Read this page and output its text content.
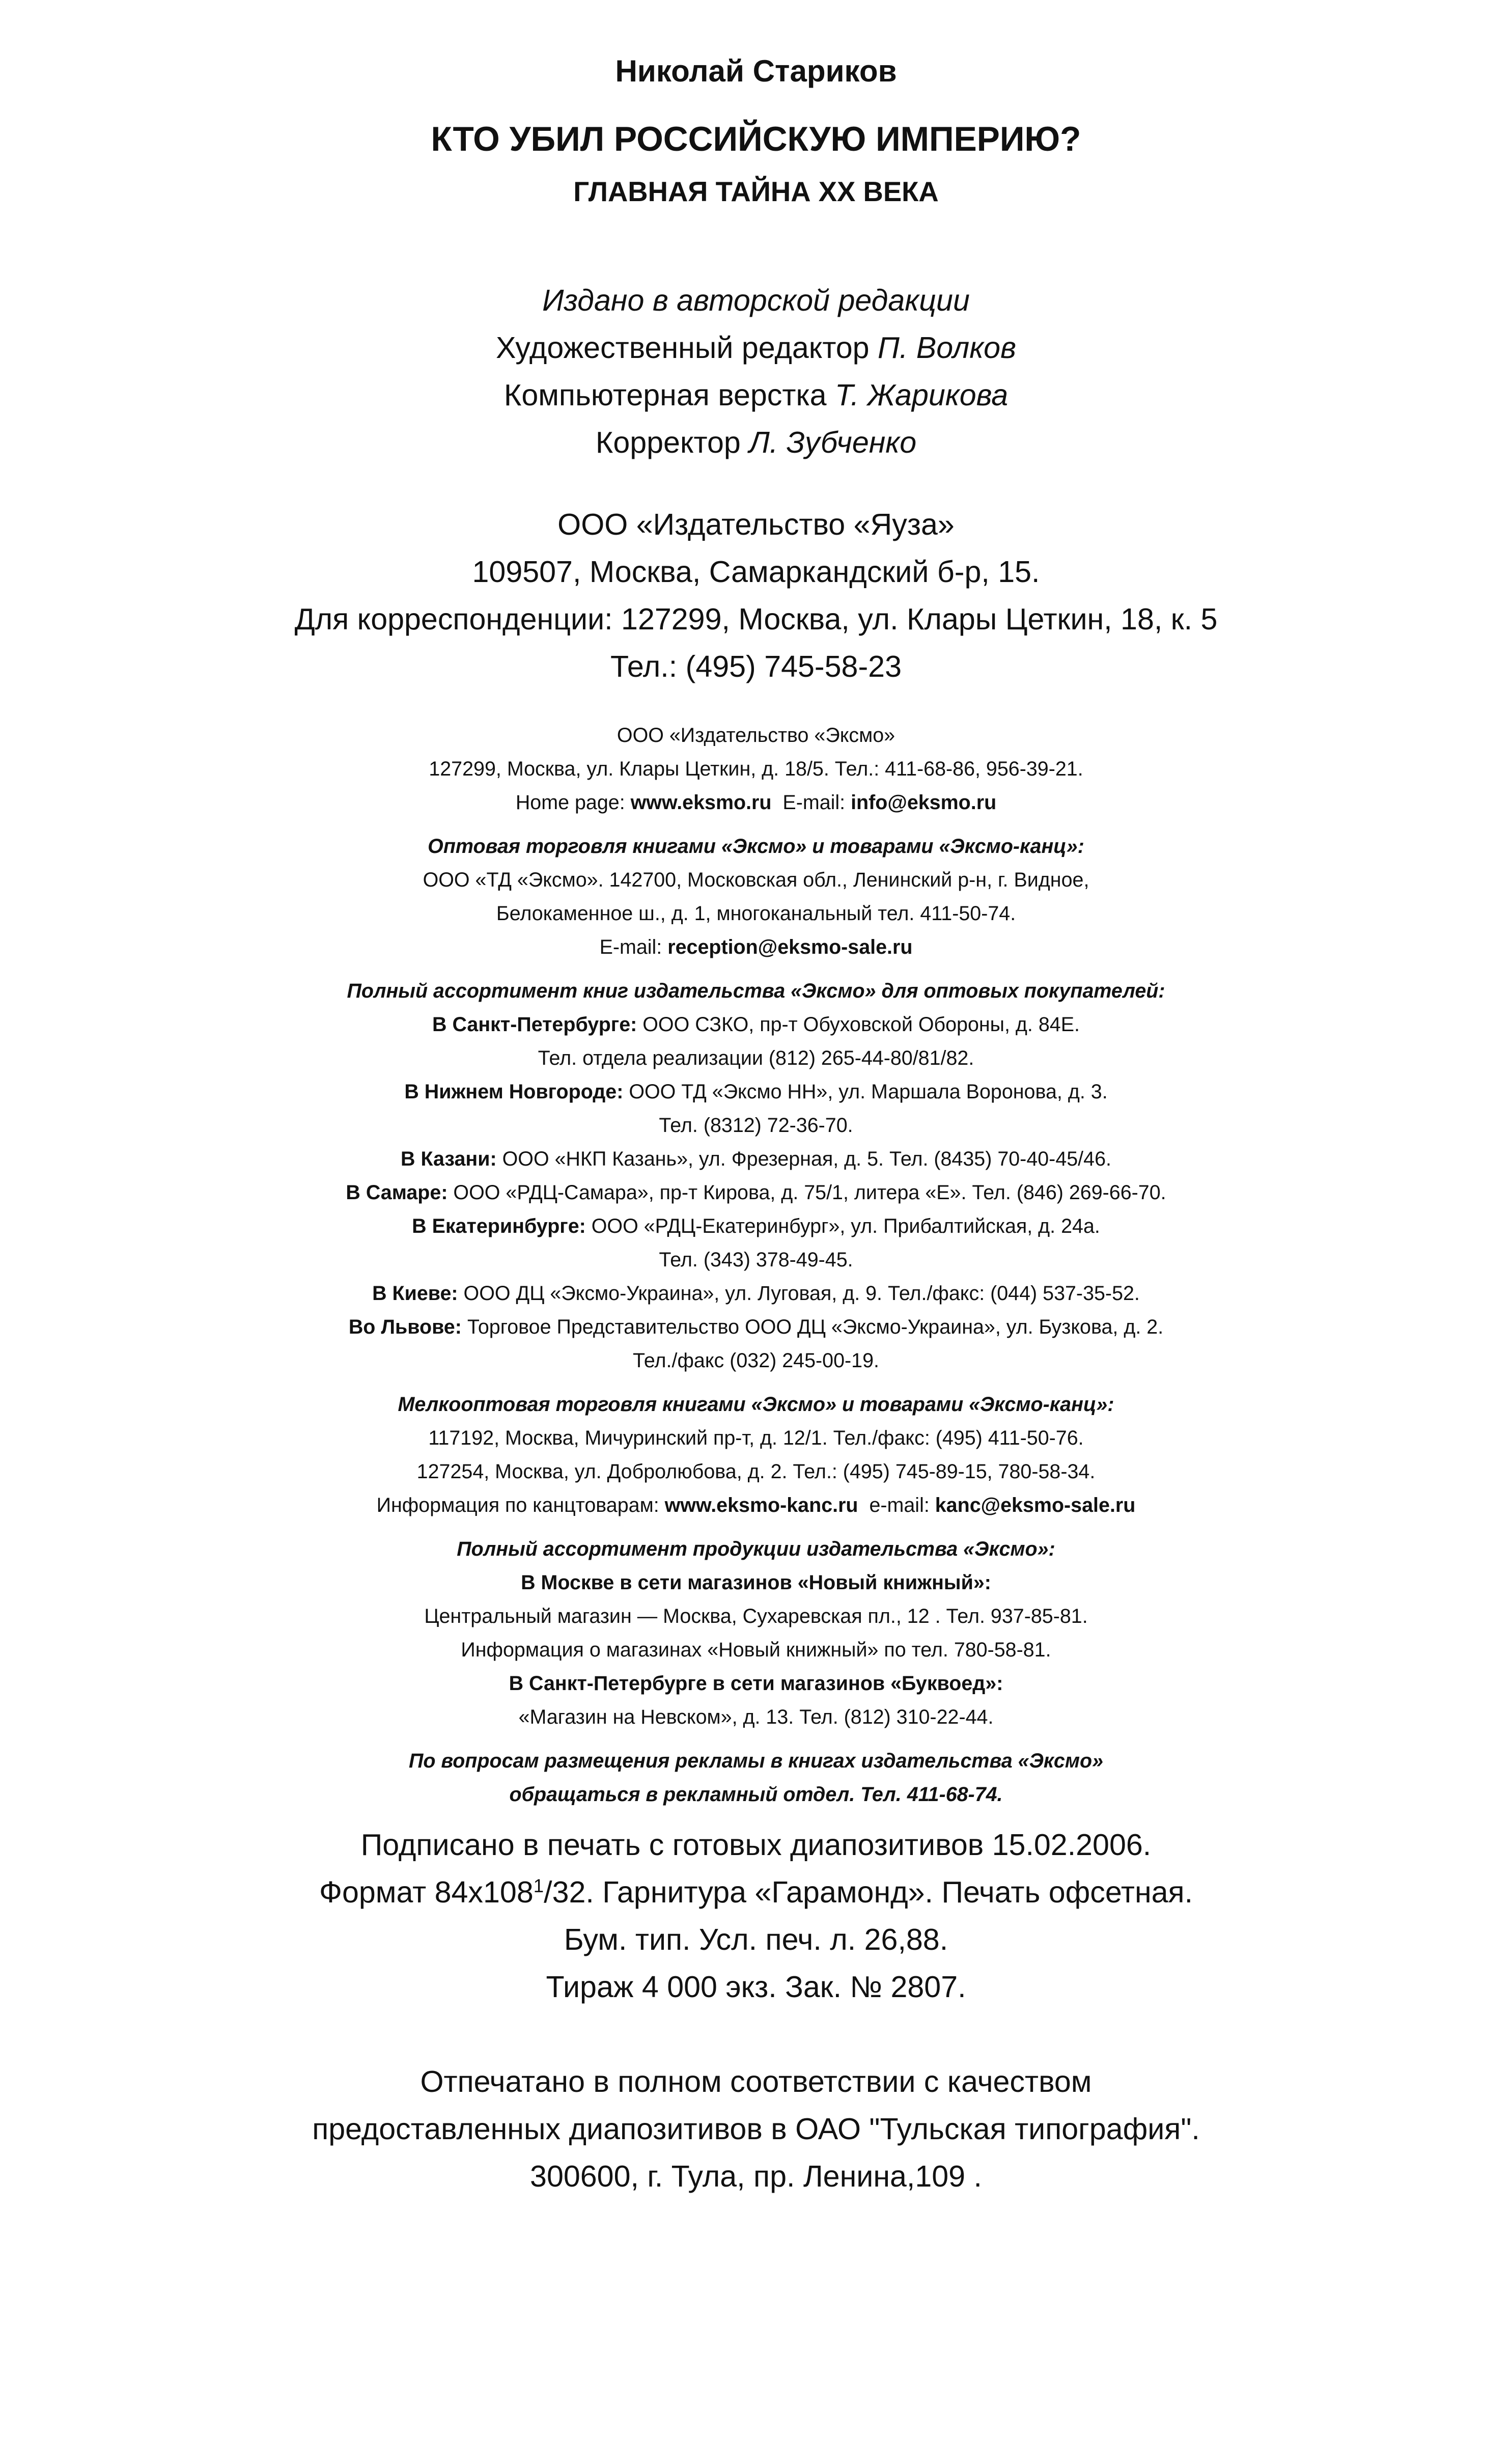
Николай Стариков

КТО УБИЛ РОССИЙСКУЮ ИМПЕРИЮ?

ГЛАВНАЯ ТАЙНА XX ВЕКА

Издано в авторской редакции

Художественный редактор П. Волков

Компьютерная верстка Т. Жарикова

Корректор Л. Зубченко

ООО «Издательство «Яуза»

109507, Москва, Самаркандский б-р, 15.

Для корреспонденции: 127299, Москва, ул. Клары Цеткин, 18, к. 5

Тел.: (495) 745-58-23

ООО «Издательство «Эксмо»

127299, Москва, ул. Клары Цеткин, д. 18/5. Тел.: 411-68-86, 956-39-21.

Home page: www.eksmo.ru E-mail: info@eksmo.ru

Оптовая торговля книгами «Эксмо» и товарами «Эксмо-канц»:

ООО «ТД «Эксмо». 142700, Московская обл., Ленинский р-н, г. Видное,

Белокаменное ш., д. 1, многоканальный тел. 411-50-74.

E-mail: reception@eksmo-sale.ru

Полный ассортимент книг издательства «Эксмо» для оптовых покупателей:

В Санкт-Петербурге: ООО СЗКО, пр-т Обуховской Обороны, д. 84Е.

Тел. отдела реализации (812) 265-44-80/81/82.

В Нижнем Новгороде: ООО ТД «Эксмо НН», ул. Маршала Воронова, д. 3.

Тел. (8312) 72-36-70.

В Казани: ООО «НКП Казань», ул. Фрезерная, д. 5. Тел. (8435) 70-40-45/46.

В Самаре: ООО «РДЦ-Самара», пр-т Кирова, д. 75/1, литера «Е». Тел. (846) 269-66-70.

В Екатеринбурге: ООО «РДЦ-Екатеринбург», ул. Прибалтийская, д. 24а.

Тел. (343) 378-49-45.

В Киеве: ООО ДЦ «Эксмо-Украина», ул. Луговая, д. 9. Тел./факс: (044) 537-35-52.

Во Львове: Торговое Представительство ООО ДЦ «Эксмо-Украина», ул. Бузкова, д. 2.

Тел./факс (032) 245-00-19.

Мелкооптовая торговля книгами «Эксмо» и товарами «Эксмо-канц»:

117192, Москва, Мичуринский пр-т, д. 12/1. Тел./факс: (495) 411-50-76.

127254, Москва, ул. Добролюбова, д. 2. Тел.: (495) 745-89-15, 780-58-34.

Информация по канцтоварам: www.eksmo-kanc.ru e-mail: kanc@eksmo-sale.ru

Полный ассортимент продукции издательства «Эксмо»:

В Москве в сети магазинов «Новый книжный»:

Центральный магазин — Москва, Сухаревская пл., 12 . Тел. 937-85-81.

Информация о магазинах «Новый книжный» по тел. 780-58-81.

В Санкт-Петербурге в сети магазинов «Буквоед»:

«Магазин на Невском», д. 13. Тел. (812) 310-22-44.

По вопросам размещения рекламы в книгах издательства «Эксмо»

обращаться в рекламный отдел. Тел. 411-68-74.

Подписано в печать с готовых диапозитивов 15.02.2006.

Формат $84х108^1/32$. Гарнитура «Гарамонд». Печать офсетная.

Бум. тип. Усл. печ. л. 26,88.

Тираж 4 000 экз. Зак. № 2807.

Отпечатано в полном соответствии с качеством

предоставленных диапозитивов в ОАО "Тульская типография".

300600, г. Тула, пр. Ленина,109 .
